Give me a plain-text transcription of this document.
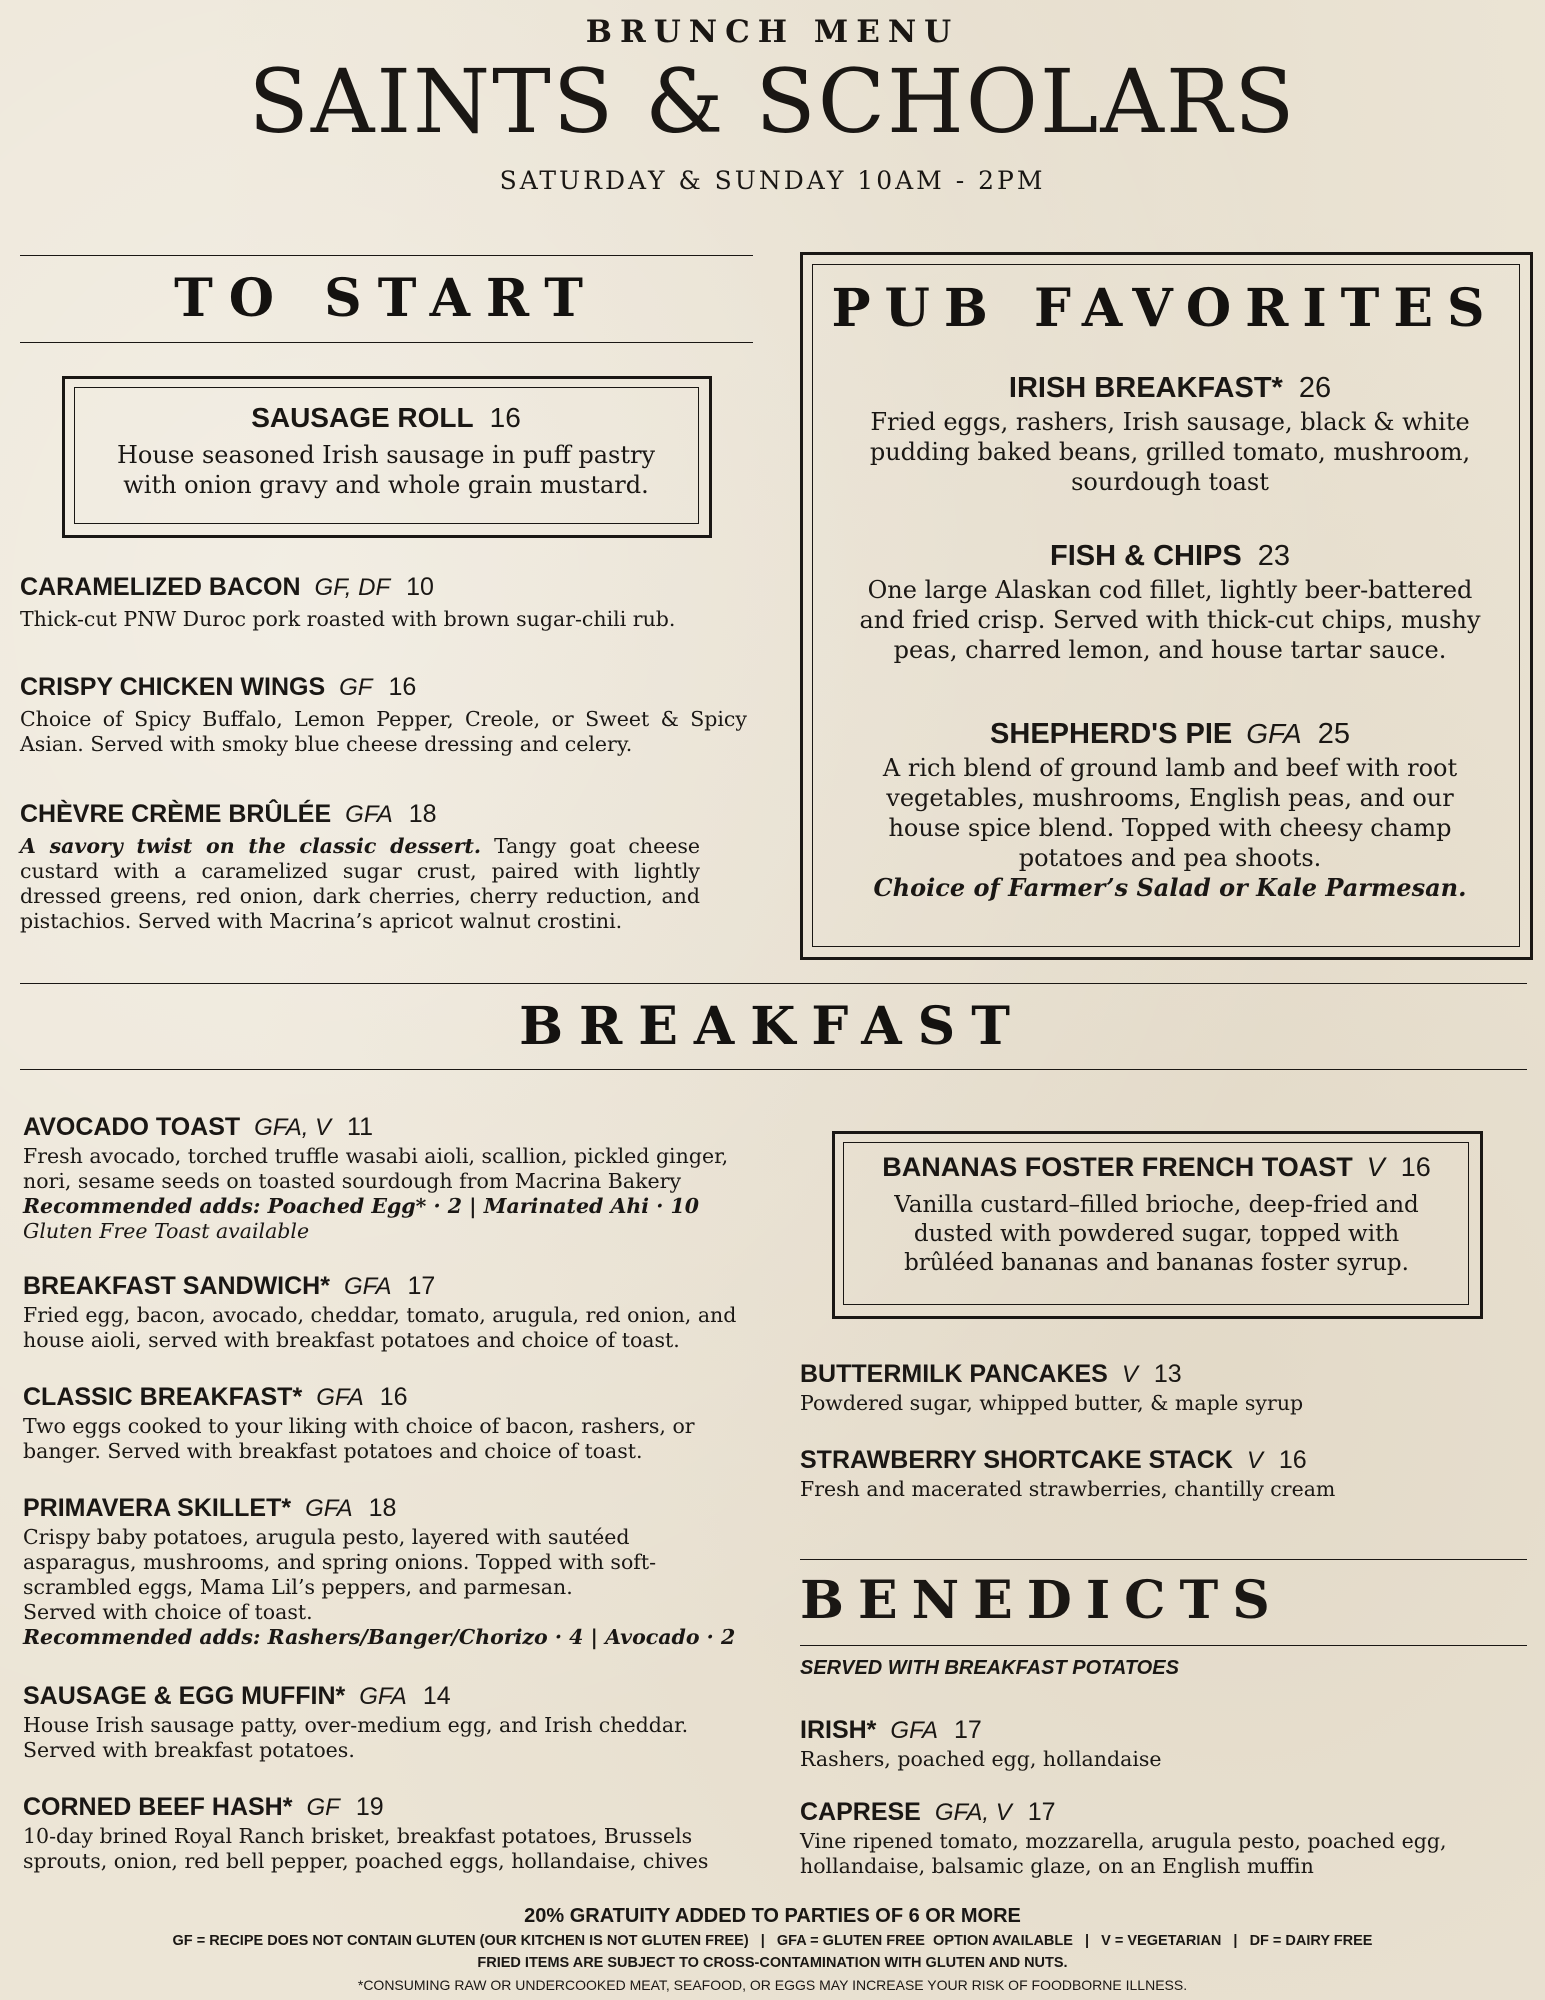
BRUNCH MENU
SAINTS & SCHOLARS
SATURDAY & SUNDAY 10AM - 2PM
TO START
SAUSAGE ROLL 16
House seasoned Irish sausage in puff pastry
with onion gravy and whole grain mustard.
CARAMELIZED BACON GF, DF 10
Thick-cut PNW Duroc pork roasted with brown sugar-chili rub.
CRISPY CHICKEN WINGS GF 16
Choice of Spicy Buffalo, Lemon Pepper, Creole, or Sweet & Spicy Asian. Served with smoky blue cheese dressing and celery.
CHÈVRE CRÈME BRÛLÉE GFA 18
A savory twist on the classic dessert. Tangy goat cheese custard with a caramelized sugar crust, paired with lightly dressed greens, red onion, dark cherries, cherry reduction, and pistachios. Served with Macrina’s apricot walnut crostini.
PUB FAVORITES
IRISH BREAKFAST* 26
Fried eggs, rashers, Irish sausage, black & white
pudding baked beans, grilled tomato, mushroom,
sourdough toast
FISH & CHIPS 23
One large Alaskan cod fillet, lightly beer-battered
and fried crisp. Served with thick-cut chips, mushy
peas, charred lemon, and house tartar sauce.
SHEPHERD'S PIE GFA 25
A rich blend of ground lamb and beef with root
vegetables, mushrooms, English peas, and our
house spice blend. Topped with cheesy champ
potatoes and pea shoots.
Choice of Farmer’s Salad or Kale Parmesan.
BREAKFAST
AVOCADO TOAST GFA, V 11
Fresh avocado, torched truffle wasabi aioli, scallion, pickled ginger,
nori, sesame seeds on toasted sourdough from Macrina Bakery
Recommended adds: Poached Egg* · 2 | Marinated Ahi · 10
Gluten Free Toast available
BREAKFAST SANDWICH* GFA 17
Fried egg, bacon, avocado, cheddar, tomato, arugula, red onion, and
house aioli, served with breakfast potatoes and choice of toast.
CLASSIC BREAKFAST* GFA 16
Two eggs cooked to your liking with choice of bacon, rashers, or
banger. Served with breakfast potatoes and choice of toast.
PRIMAVERA SKILLET* GFA 18
Crispy baby potatoes, arugula pesto, layered with sautéed
asparagus, mushrooms, and spring onions. Topped with soft-
scrambled eggs, Mama Lil’s peppers, and parmesan.
Served with choice of toast.
Recommended adds: Rashers/Banger/Chorizo · 4 | Avocado · 2
SAUSAGE & EGG MUFFIN* GFA 14
House Irish sausage patty, over-medium egg, and Irish cheddar.
Served with breakfast potatoes.
CORNED BEEF HASH* GF 19
10-day brined Royal Ranch brisket, breakfast potatoes, Brussels
sprouts, onion, red bell pepper, poached eggs, hollandaise, chives
BANANAS FOSTER FRENCH TOAST V 16
Vanilla custard–filled brioche, deep-fried and
dusted with powdered sugar, topped with
brûléed bananas and bananas foster syrup.
BUTTERMILK PANCAKES V 13
Powdered sugar, whipped butter, & maple syrup
STRAWBERRY SHORTCAKE STACK V 16
Fresh and macerated strawberries, chantilly cream
BENEDICTS
SERVED WITH BREAKFAST POTATOES
IRISH* GFA 17
Rashers, poached egg, hollandaise
CAPRESE GFA, V 17
Vine ripened tomato, mozzarella, arugula pesto, poached egg,
hollandaise, balsamic glaze, on an English muffin
20% GRATUITY ADDED TO PARTIES OF 6 OR MORE
GF = RECIPE DOES NOT CONTAIN GLUTEN (OUR KITCHEN IS NOT GLUTEN FREE)   |   GFA = GLUTEN FREE  OPTION AVAILABLE   |   V = VEGETARIAN   |   DF = DAIRY FREE
FRIED ITEMS ARE SUBJECT TO CROSS-CONTAMINATION WITH GLUTEN AND NUTS.
*CONSUMING RAW OR UNDERCOOKED MEAT, SEAFOOD, OR EGGS MAY INCREASE YOUR RISK OF FOODBORNE ILLNESS.
